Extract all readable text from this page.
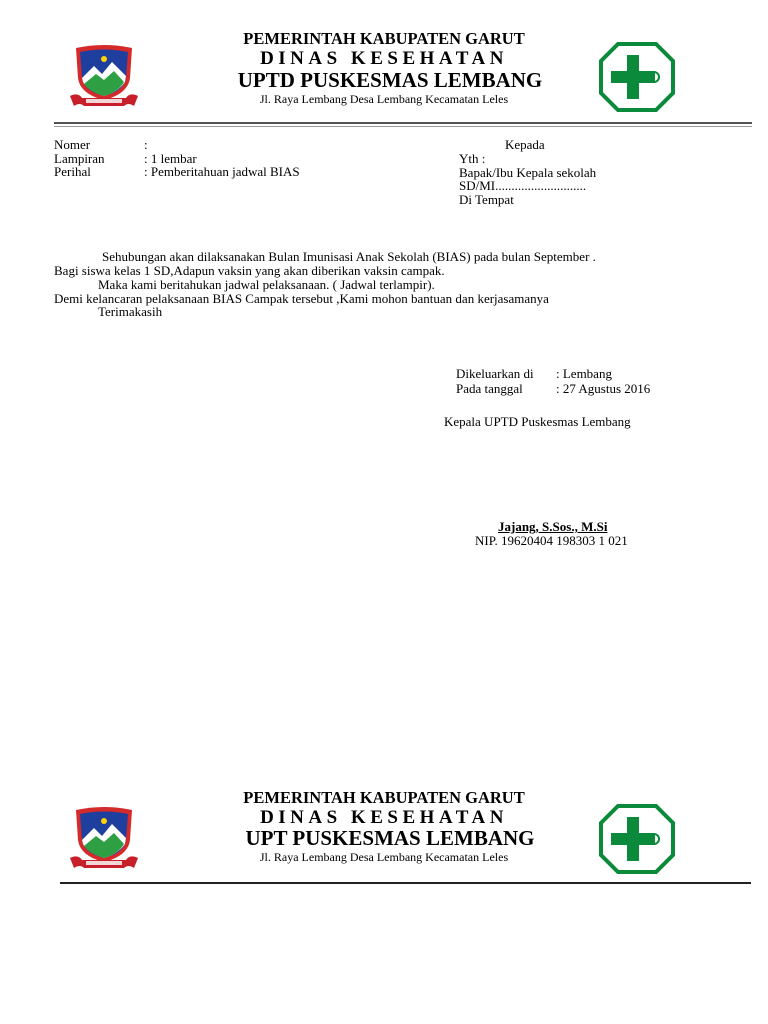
PEMERINTAH KABUPATEN GARUT
DINAS KESEHATAN
UPTD PUSKESMAS LEMBANG
Jl. Raya Lembang Desa Lembang Kecamatan Leles
Nomer	:
Lampiran	: 1 lembar
Perihal	: Pemberitahuan jadwal BIAS
Kepada
Yth :
Bapak/Ibu Kepala sekolah
SD/MI............................
Di Tempat
Sehubungan akan dilaksanakan Bulan Imunisasi Anak Sekolah (BIAS) pada bulan September .
Bagi siswa kelas 1 SD,Adapun vaksin yang akan diberikan vaksin campak.
Maka kami beritahukan jadwal pelaksanaan. ( Jadwal terlampir).
Demi kelancaran pelaksanaan BIAS Campak tersebut ,Kami mohon bantuan dan kerjasamanya
Terimakasih
Dikeluarkan di : Lembang
Pada tanggal	: 27 Agustus 2016
Kepala UPTD Puskesmas Lembang
Jajang, S.Sos., M.Si
NIP. 19620404 198303 1 021
PEMERINTAH KABUPATEN GARUT
DINAS KESEHATAN
UPT PUSKESMAS LEMBANG
Jl. Raya Lembang Desa Lembang Kecamatan Leles
